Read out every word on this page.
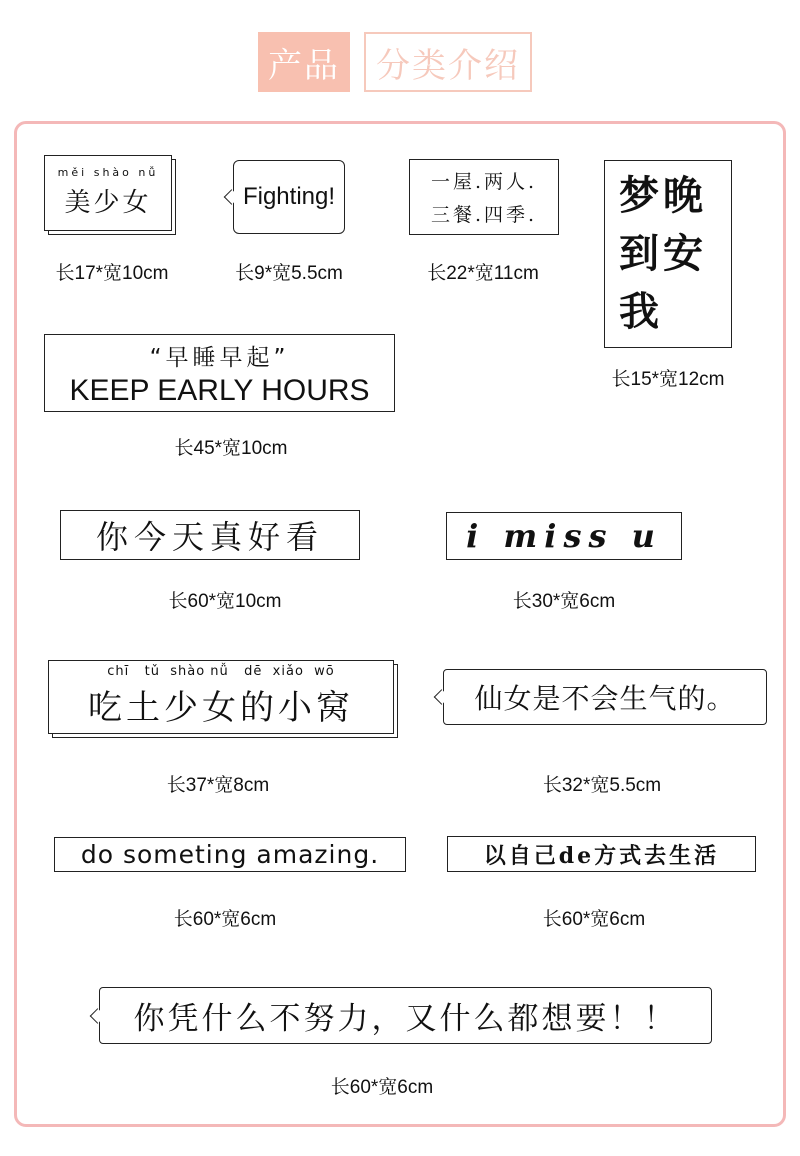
产品	分类介绍
měi shào nǚ
美少女
长17*宽10cm
Fighting!
长9*宽5.5cm
一屋.两人.
三餐.四季.
长22*宽11cm
梦晚
到安
我
长15*宽12cm
“早睡早起”
KEEP EARLY HOURS
长45*宽10cm
你今天真好看
长60*宽10cm
i miss u
长30*宽6cm
chī   tǔ  shào nǚ   dē  xiǎo  wō
吃土少女的小窝
长37*宽8cm
仙女是不会生气的。
长32*宽5.5cm
do someting amazing.
长60*宽6cm
以自己de方式去生活
长60*宽6cm
你凭什么不努力，又什么都想要！！
长60*宽6cm
